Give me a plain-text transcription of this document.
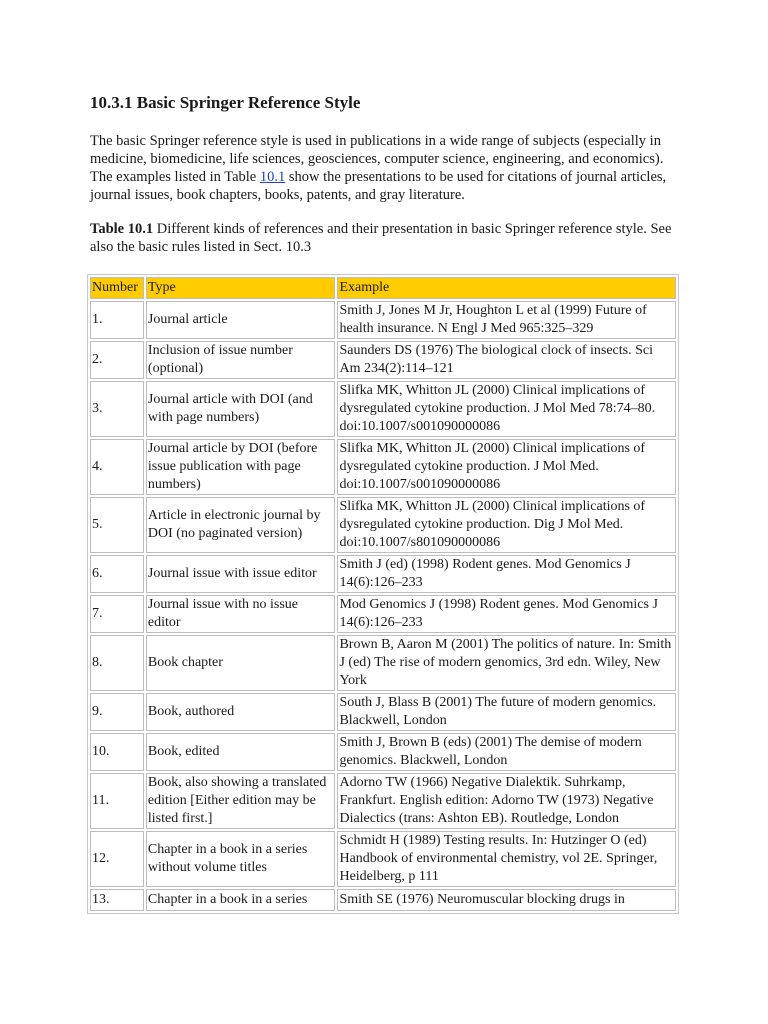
10.3.1 Basic Springer Reference Style

The basic Springer reference style is used in publications in a wide range of subjects (especially in medicine, biomedicine, life sciences, geosciences, computer science, engineering, and economics). The examples listed in Table 10.1 show the presentations to be used for citations of journal articles, journal issues, book chapters, books, patents, and gray literature.

Table 10.1 Different kinds of references and their presentation in basic Springer reference style. See also the basic rules listed in Sect. 10.3

Number	Type	Example
1.	Journal article	Smith J, Jones M Jr, Houghton L et al (1999) Future of health insurance. N Engl J Med 965:325–329
2.	Inclusion of issue number (optional)	Saunders DS (1976) The biological clock of insects. Sci Am 234(2):114–121
3.	Journal article with DOI (and with page numbers)	Slifka MK, Whitton JL (2000) Clinical implications of dysregulated cytokine production. J Mol Med 78:74–80. doi:10.1007/s001090000086
4.	Journal article by DOI (before issue publication with page numbers)	Slifka MK, Whitton JL (2000) Clinical implications of dysregulated cytokine production. J Mol Med. doi:10.1007/s001090000086
5.	Article in electronic journal by DOI (no paginated version)	Slifka MK, Whitton JL (2000) Clinical implications of dysregulated cytokine production. Dig J Mol Med. doi:10.1007/s801090000086
6.	Journal issue with issue editor	Smith J (ed) (1998) Rodent genes. Mod Genomics J 14(6):126–233
7.	Journal issue with no issue editor	Mod Genomics J (1998) Rodent genes. Mod Genomics J 14(6):126–233
8.	Book chapter	Brown B, Aaron M (2001) The politics of nature. In: Smith J (ed) The rise of modern genomics, 3rd edn. Wiley, New York
9.	Book, authored	South J, Blass B (2001) The future of modern genomics. Blackwell, London
10.	Book, edited	Smith J, Brown B (eds) (2001) The demise of modern genomics. Blackwell, London
11.	Book, also showing a translated edition [Either edition may be listed first.]	Adorno TW (1966) Negative Dialektik. Suhrkamp, Frankfurt. English edition: Adorno TW (1973) Negative Dialectics (trans: Ashton EB). Routledge, London
12.	Chapter in a book in a series without volume titles	Schmidt H (1989) Testing results. In: Hutzinger O (ed) Handbook of environmental chemistry, vol 2E. Springer, Heidelberg, p 111
13.	Chapter in a book in a series	Smith SE (1976) Neuromuscular blocking drugs in
